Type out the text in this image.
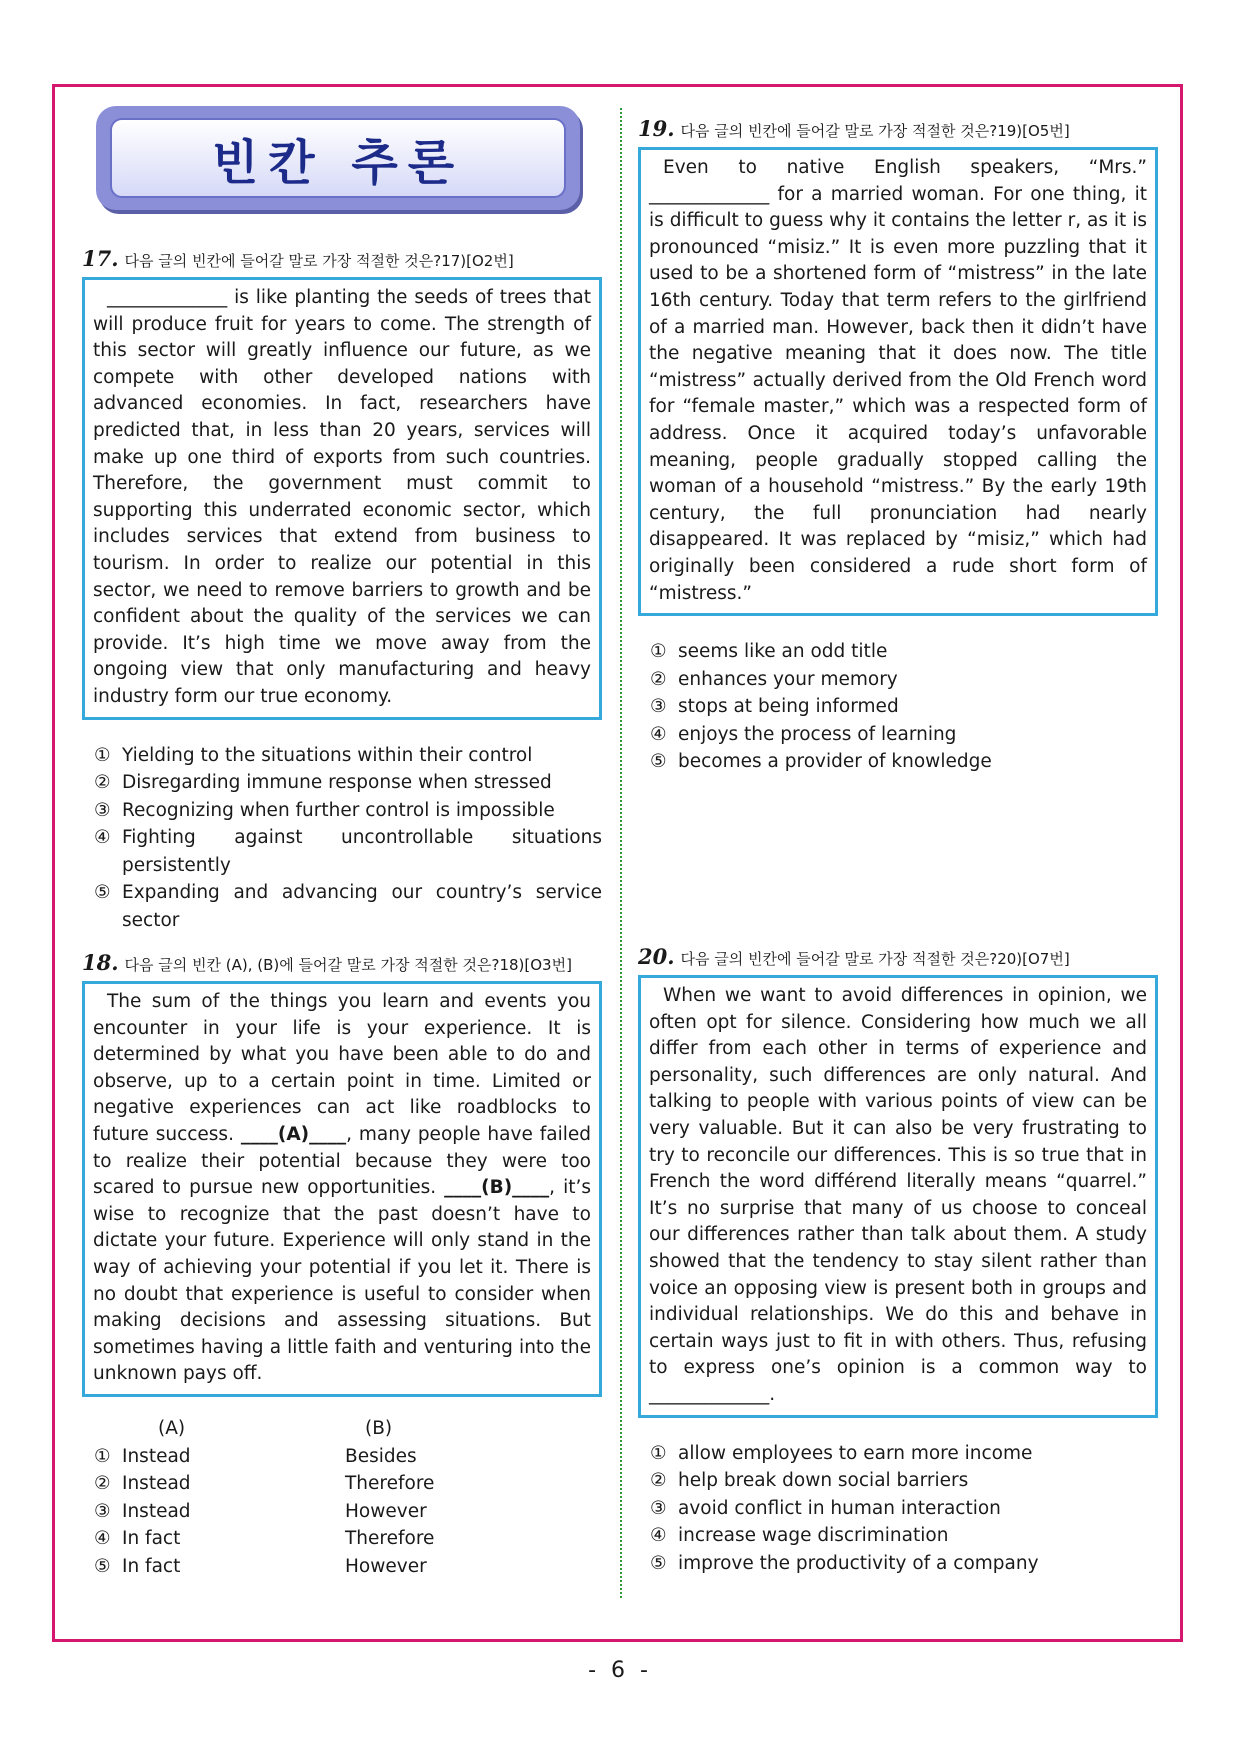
빈칸 추론
17. 다음 글의 빈칸에 들어갈 말로 가장 적절한 것은?17)[O2번]
_____________ is like planting the seeds of trees that will produce fruit for years to come. The strength of this sector will greatly influence our future, as we compete with other developed nations with advanced economies. In fact, researchers have predicted that, in less than 20 years, services will make up one third of exports from such countries. Therefore, the government must commit to supporting this underrated economic sector, which includes services that extend from business to tourism. In order to realize our potential in this sector, we need to remove barriers to growth and be confident about the quality of the services we can provide. It’s high time we move away from the ongoing view that only manufacturing and heavy industry form our true economy.
① Yielding to the situations within their control
② Disregarding immune response when stressed
③ Recognizing when further control is impossible
④ Fighting against uncontrollable situations persistently
⑤ Expanding and advancing our country’s service sector
18. 다음 글의 빈칸 (A), (B)에 들어갈 말로 가장 적절한 것은?18)[O3번]
The sum of the things you learn and events you encounter in your life is your experience. It is determined by what you have been able to do and observe, up to a certain point in time. Limited or negative experiences can act like roadblocks to future success. ____(A)____, many people have failed to realize their potential because they were too scared to pursue new opportunities. ____(B)____, it’s wise to recognize that the past doesn’t have to dictate your future. Experience will only stand in the way of achieving your potential if you let it. There is no doubt that experience is useful to consider when making decisions and assessing situations. But sometimes having a little faith and venturing into the unknown pays off.
(A)	(B)
① Instead	Besides
② Instead	Therefore
③ Instead	However
④ In fact	Therefore
⑤ In fact	However
19. 다음 글의 빈칸에 들어갈 말로 가장 적절한 것은?19)[O5번]
Even to native English speakers, “Mrs.” _____________ for a married woman. For one thing, it is difficult to guess why it contains the letter r, as it is pronounced “misiz.” It is even more puzzling that it used to be a shortened form of “mistress” in the late 16th century. Today that term refers to the girlfriend of a married man. However, back then it didn’t have the negative meaning that it does now. The title “mistress” actually derived from the Old French word for “female master,” which was a respected form of address. Once it acquired today’s unfavorable meaning, people gradually stopped calling the woman of a household “mistress.” By the early 19th century, the full pronunciation had nearly disappeared. It was replaced by “misiz,” which had originally been considered a rude short form of “mistress.”
① seems like an odd title
② enhances your memory
③ stops at being informed
④ enjoys the process of learning
⑤ becomes a provider of knowledge
20. 다음 글의 빈칸에 들어갈 말로 가장 적절한 것은?20)[O7번]
When we want to avoid differences in opinion, we often opt for silence. Considering how much we all differ from each other in terms of experience and personality, such differences are only natural. And talking to people with various points of view can be very valuable. But it can also be very frustrating to try to reconcile our differences. This is so true that in French the word différend literally means “quarrel.” It’s no surprise that many of us choose to conceal our differences rather than talk about them. A study showed that the tendency to stay silent rather than voice an opposing view is present both in groups and individual relationships. We do this and behave in certain ways just to fit in with others. Thus, refusing to express one’s opinion is a common way to _____________.
① allow employees to earn more income
② help break down social barriers
③ avoid conflict in human interaction
④ increase wage discrimination
⑤ improve the productivity of a company
- 6 -
